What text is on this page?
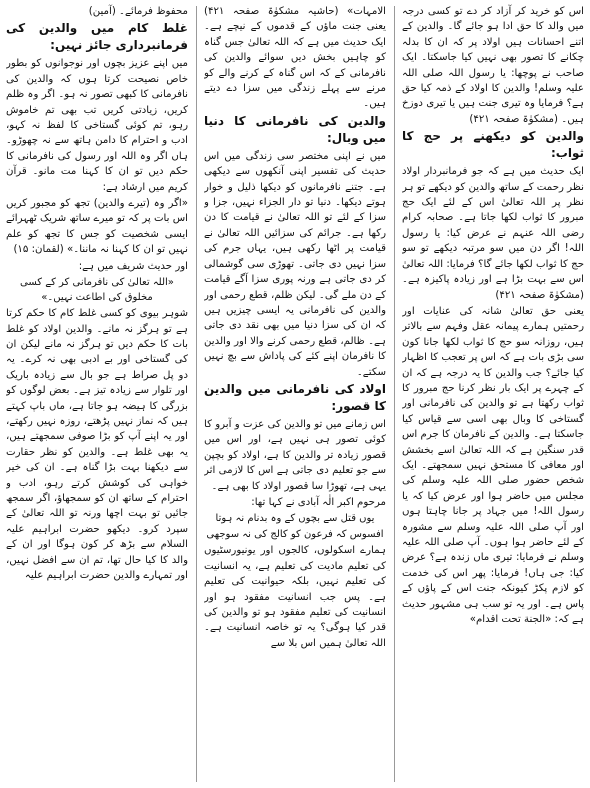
اس کو خرید کر آزاد کر دے تو کسی درجہ میں والد کا حق ادا ہو جائے گا۔ والدین کے اتنے احسانات ہیں اولاد پر کہ ان کا بدلہ چکانے کا تصور بھی نہیں کیا جاسکتا۔ ایک صاحب نے پوچھا: یا رسول اللہ صلی اللہ علیہ وسلم! والدین کا اولاد کے ذمہ کیا حق ہے؟ فرمایا وہ تیری جنت ہیں یا تیری دوزخ ہیں۔ (مشکوٰۃ صفحہ ۴۲۱)
والدین کو دیکھنے پر حج کا ثواب:
ایک حدیث میں ہے کہ جو فرمانبردار اولاد نظر رحمت کے ساتھ والدین کو دیکھے تو ہر نظر پر اللہ تعالیٰ اس کے لئے ایک حج مبرور کا ثواب لکھا جاتا ہے۔ صحابہ کرام رضی اللہ عنہم نے عرض کیا: یا رسول اللہ! اگر دن میں سو مرتبہ دیکھے تو سو حج کا ثواب لکھا جائے گا؟ فرمایا: اللہ تعالیٰ اس سے بہت بڑا ہے اور زیادہ پاکیزہ ہے۔ (مشکوٰۃ صفحہ ۴۲۱)
یعنی حق تعالیٰ شانہ کی عنایات اور رحمتیں ہمارے پیمانہ عقل وفہم سے بالاتر ہیں، روزانہ سو حج کا ثواب لکھا جانا کون سی بڑی بات ہے کہ اس پر تعجب کا اظہار کیا جائے؟ جب والدین کا یہ درجہ ہے کہ ان کے چہرے پر ایک بار نظر کرنا حج مبرور کا ثواب رکھتا ہے تو والدین کی نافرمانی اور گستاخی کا وبال بھی اسی سے قیاس کیا جاسکتا ہے۔ والدین کے نافرمان کا جرم اس قدر سنگین ہے کہ اللہ تعالیٰ اسے بخشش اور معافی کا مستحق نہیں سمجھتے۔ ایک شخص حضور صلی اللہ علیہ وسلم کی مجلس میں حاضر ہوا اور عرض کیا کہ یا رسول اللہ! میں جہاد پر جانا چاہتا ہوں اور آپ صلی اللہ علیہ وسلم سے مشورہ کے لئے حاضر ہوا ہوں۔ آپ صلی اللہ علیہ وسلم نے فرمایا: تیری ماں زندہ ہے؟ عرض کیا: جی ہاں! فرمایا: پھر اس کی خدمت کو لازم پکڑ کیونکہ جنت اس کے پاؤں کے پاس ہے۔ اور یہ تو سب ہی مشہور حدیث ہے کہ: «الجنة تحت اقدام»
الامہات» (حاشیہ مشکوٰۃ صفحہ ۴۲۱) یعنی جنت ماؤں کے قدموں کے نیچے ہے۔ ایک حدیث میں ہے کہ اللہ تعالیٰ جس گناہ کو چاہیں بخش دیں سوائے والدین کی نافرمانی کے کہ اس گناہ کے کرنے والے کو مرنے سے پہلے زندگی میں سزا دے دیتے ہیں۔
والدین کی نافرمانی کا دنیا میں وبال:
میں نے اپنی مختصر سی زندگی میں اس حدیث کی تفسیر اپنی آنکھوں سے دیکھی ہے۔ جتنے نافرمانوں کو دیکھا ذلیل و خوار ہوتے دیکھا۔ دنیا تو دار الجزاء نہیں، جزا و سزا کے لئے تو اللہ تعالیٰ نے قیامت کا دن رکھا ہے۔ جرائم کی سزائیں اللہ تعالیٰ نے قیامت پر اٹھا رکھی ہیں، یہاں جرم کی سزا نہیں دی جاتی۔ تھوڑی سی گوشمالی کر دی جاتی ہے ورنہ پوری سزا آگے قیامت کے دن ملے گی۔ لیکن ظلم، قطع رحمی اور والدین کی نافرمانی یہ ایسی چیزیں ہیں کہ ان کی سزا دنیا میں بھی نقد دی جاتی ہے۔ ظالم، قطع رحمی کرنے والا اور والدین کا نافرمان اپنے کئے کی پاداش سے بچ نہیں سکتے۔
اولاد کی نافرمانی میں والدین کا قصور:
اس زمانے میں تو والدین کی عزت و آبرو کا کوئی تصور ہی نہیں ہے، اور اس میں قصور زیادہ تر والدین کا ہے، اولاد کو بچپن سے جو تعلیم دی جاتی ہے اس کا لازمی اثر یہی ہے، تھوڑا سا قصور اولاد کا بھی ہے۔
مرحوم اکبر الٰہ آبادی نے کہا تھا:
یوں قتل سے بچوں کے وہ بدنام نہ ہوتا
افسوس کہ فرعون کو کالج کی نہ سوجھی
ہمارے اسکولوں، کالجوں اور یونیورسٹیوں کی تعلیم مادیت کی تعلیم ہے، یہ انسانیت کی تعلیم نہیں، بلکہ حیوانیت کی تعلیم ہے۔ پس جب انسانیت مفقود ہو اور انسانیت کی تعلیم مفقود ہو تو والدین کی قدر کیا ہوگی؟ یہ تو خاصہ انسانیت ہے۔ اللہ تعالیٰ ہمیں اس بلا سے
محفوظ فرمائے۔ (آمین)
غلط کام میں والدین کی فرمانبرداری جائز نہیں:
میں اپنے عزیز بچوں اور نوجوانوں کو بطور خاص نصیحت کرتا ہوں کہ والدین کی نافرمانی کا کبھی تصور نہ ہو۔ اگر وہ ظلم کریں، زیادتی کریں تب بھی تم خاموش رہو، تم کوئی گستاخی کا لفظ نہ کہو، ادب و احترام کا دامن ہاتھ سے نہ چھوڑو۔ ہاں اگر وہ اللہ اور رسول کی نافرمانی کا حکم دیں تو ان کا کہنا مت مانو۔ قرآن کریم میں ارشاد ہے:
«اگر وہ (تیرے والدین) تجھ کو مجبور کریں اس بات پر کہ تو میرے ساتھ شریک ٹھہرائے ایسی شخصیت کو جس کا تجھ کو علم نہیں تو ان کا کہنا نہ ماننا۔» (لقمان: ۱۵)
اور حدیث شریف میں ہے:
«اللہ تعالیٰ کی نافرمانی کر کے کسی مخلوق کی اطاعت نہیں۔»
شوہر بیوی کو کسی غلط کام کا حکم کرتا ہے تو ہرگز نہ مانے۔ والدین اولاد کو غلط بات کا حکم دیں تو ہرگز نہ مانے لیکن ان کی گستاخی اور بے ادبی بھی نہ کرے۔ یہ دو پل صراط ہے جو بال سے زیادہ باریک اور تلوار سے زیادہ تیز ہے۔ بعض لوگوں کو بزرگی کا ہیضہ ہو جاتا ہے، ماں باپ کہتے ہیں کہ نماز نہیں پڑھتے، روزہ نہیں رکھتے، اور یہ اپنے آپ کو بڑا صوفی سمجھتے ہیں، یہ بھی غلط ہے۔ والدین کو نظر حقارت سے دیکھنا بہت بڑا گناہ ہے۔ ان کی خیر خواہی کی کوشش کرتے رہو، ادب و احترام کے ساتھ ان کو سمجھاؤ، اگر سمجھ جائیں تو بہت اچھا ورنہ تو اللہ تعالیٰ کے سپرد کرو۔ دیکھو حضرت ابراہیم علیہ السلام سے بڑھ کر کون ہوگا اور ان کے والد کا کیا حال تھا، تم ان سے افضل نہیں، اور تمہارے والدین حضرت ابراہیم علیہ
